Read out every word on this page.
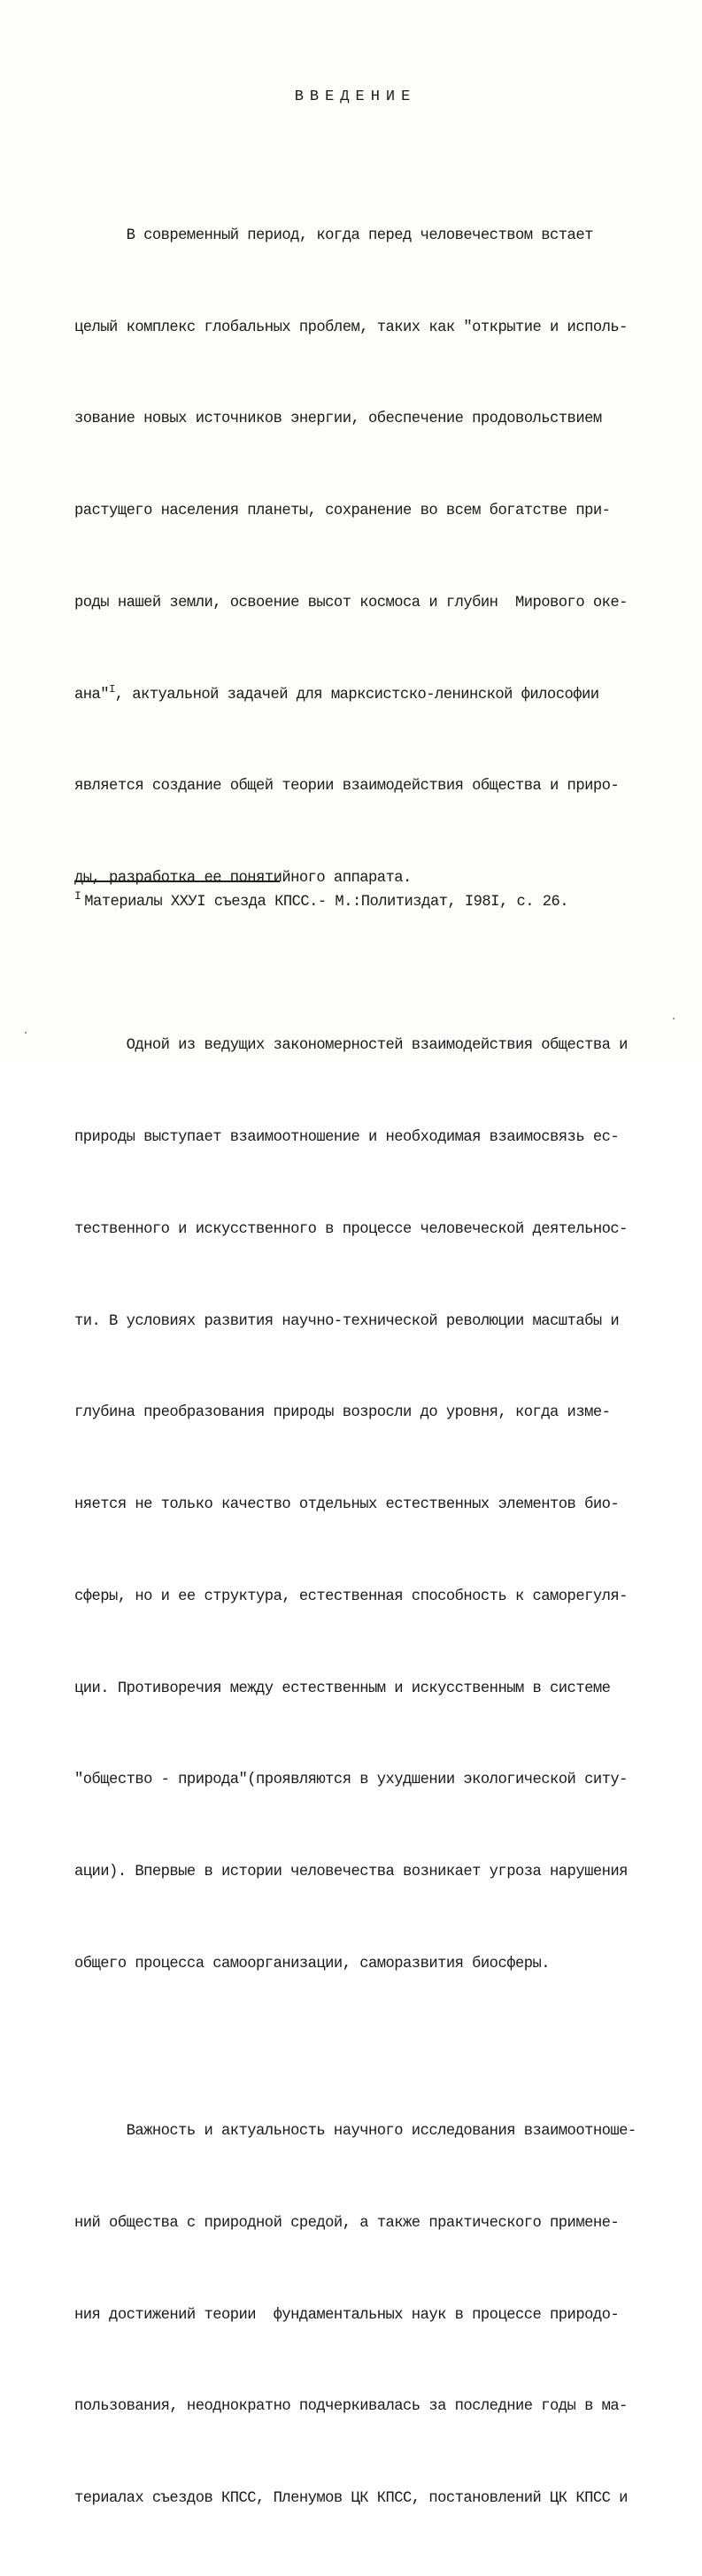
ВВЕДЕНИЕ

В современный период, когда перед человечеством встает

целый комплекс глобальных проблем, таких как "открытие и исполь-

зование новых источников энергии, обеспечение продовольствием

растущего населения планеты, сохранение во всем богатстве при-

роды нашей земли, освоение высот космоса и глубин  Мирового оке-

ана"$^I$, актуальной задачей для марксистско-ленинской философии

является создание общей теории взаимодействия общества и приро-

ды, разработка ее понятийного аппарата.

Одной из ведущих закономерностей взаимодействия общества и

природы выступает взаимоотношение и необходимая взаимосвязь ес-

тественного и искусственного в процессе человеческой деятельнос-

ти. В условиях развития научно-технической революции масштабы и

глубина преобразования природы возросли до уровня, когда изме-

няется не только качество отдельных естественных элементов био-

сферы, но и ее структура, естественная способность к саморегуля-

ции. Противоречия между естественным и искусственным в системе

"общество - природа"(проявляются в ухудшении экологической ситу-

ации). Впервые в истории человечества возникает угроза нарушения

общего процесса самоорганизации, саморазвития биосферы.

Важность и актуальность научного исследования взаимоотноше-

ний общества с природной средой, а также практического примене-

ния достижений теории  фундаментальных наук в процессе природо-

пользования, неоднократно подчеркивалась за последние годы в ма-

териалах съездов КПСС, Пленумов ЦК КПСС, постановлений ЦК КПСС и

$^I$ Материалы XXУI съезда КПСС.- М.:Политиздат, I98I, с. 26.
